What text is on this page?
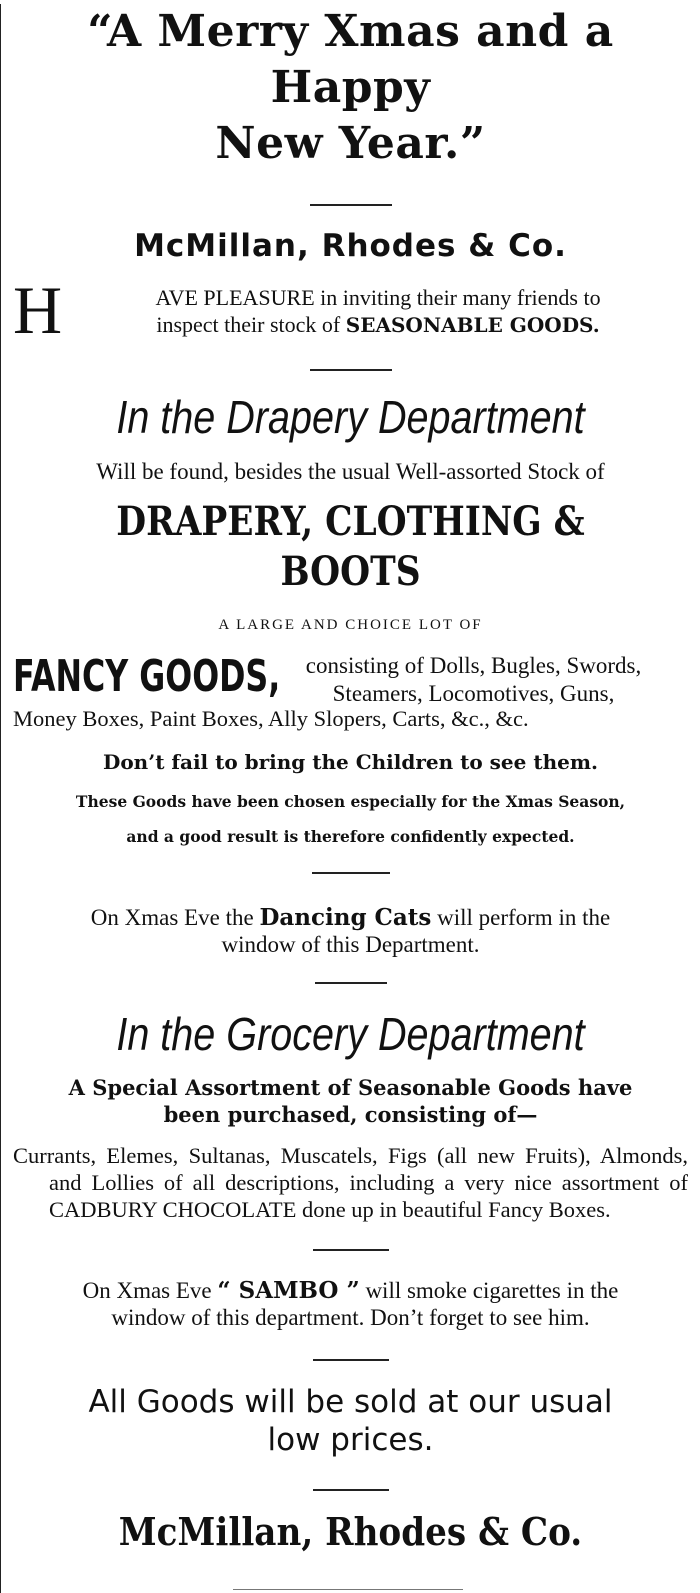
“A Merry Xmas and a Happy
New Year.”
McMillan, Rhodes & Co.
H	AVE PLEASURE in inviting their many friends to
inspect their stock of SEASONABLE GOODS.
In the Drapery Department
Will be found, besides the usual Well-assorted Stock of
DRAPERY, CLOTHING & BOOTS
A LARGE AND CHOICE LOT OF
FANCY GOODS,	consisting of Dolls, Bugles, Swords,
Steamers, Locomotives, Guns,
Money Boxes, Paint Boxes, Ally Slopers, Carts, &c., &c.
Don’t fail to bring the Children to see them.
These Goods have been chosen especially for the Xmas Season,
and a good result is therefore confidently expected.
On Xmas Eve the Dancing Cats will perform in the
window of this Department.
In the Grocery Department
A Special Assortment of Seasonable Goods have
been purchased, consisting of—
Currants, Elemes, Sultanas, Muscatels, Figs (all new Fruits), Almonds, and Lollies of all descriptions, including a very nice assortment of CADBURY CHOCOLATE done up in beautiful Fancy Boxes.
On Xmas Eve “ SAMBO ” will smoke cigarettes in the
window of this department. Don’t forget to see him.
All Goods will be sold at our usual
low prices.
McMillan, Rhodes & Co.
